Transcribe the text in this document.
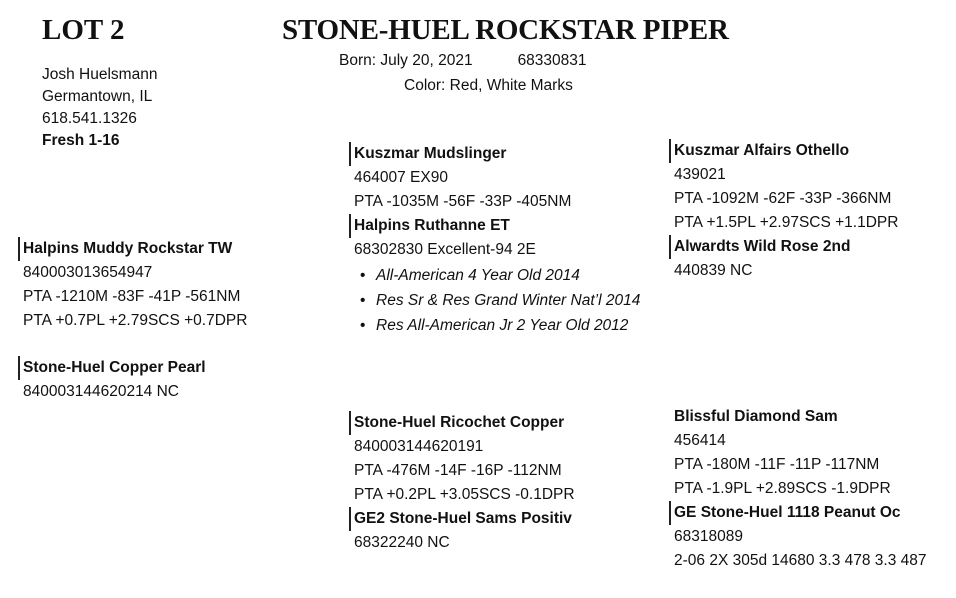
LOT 2	STONE-HUEL ROCKSTAR PIPER
Josh Huelsmann
Germantown, IL
618.541.1326
Fresh 1-16
Born: July 20, 2021	68330831
Color: Red, White Marks
Halpins Muddy Rockstar TW
840003013654947
PTA -1210M -83F -41P -561NM
PTA +0.7PL +2.79SCS +0.7DPR
Stone-Huel Copper Pearl
840003144620214 NC
Kuszmar Mudslinger
464007 EX90
PTA -1035M -56F -33P -405NM
Halpins Ruthanne ET
68302830 Excellent-94 2E
• All-American 4 Year Old 2014
• Res Sr & Res Grand Winter Nat’l 2014
• Res All-American Jr 2 Year Old 2012
Stone-Huel Ricochet Copper
840003144620191
PTA -476M -14F -16P -112NM
PTA +0.2PL +3.05SCS -0.1DPR
GE2 Stone-Huel Sams Positiv
68322240 NC
Kuszmar Alfairs Othello
439021
PTA -1092M -62F -33P -366NM
PTA +1.5PL +2.97SCS +1.1DPR
Alwardts Wild Rose 2nd
440839 NC
Blissful Diamond Sam
456414
PTA -180M -11F -11P -117NM
PTA -1.9PL +2.89SCS -1.9DPR
GE Stone-Huel 1118 Peanut Oc
68318089
2-06 2X 305d 14680 3.3 478 3.3 487
